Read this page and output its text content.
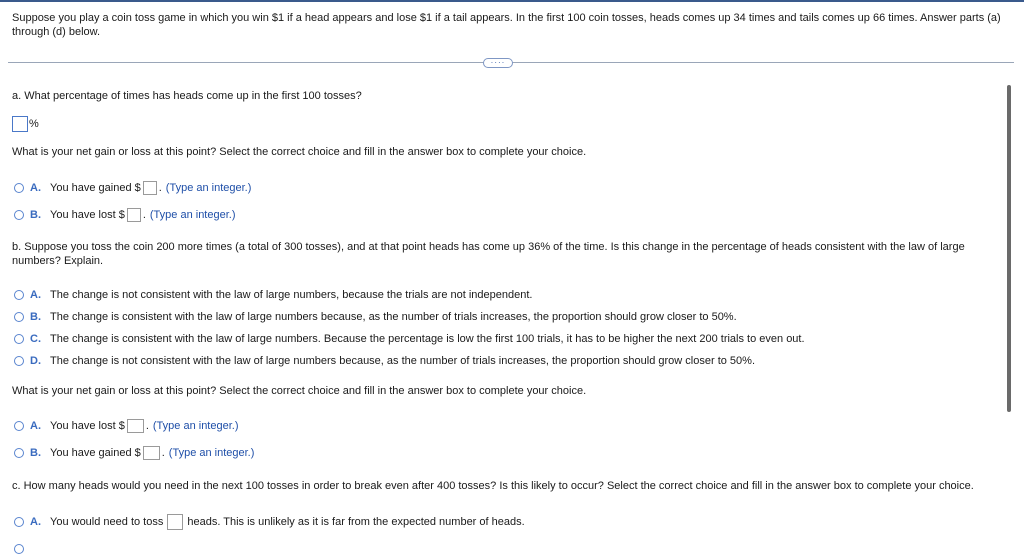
Suppose you play a coin toss game in which you win $1 if a head appears and lose $1 if a tail appears. In the first 100 coin tosses, heads comes up 34 times and tails comes up 66 times. Answer parts (a) through (d) below.
····
a. What percentage of times has heads come up in the first 100 tosses?
%
What is your net gain or loss at this point? Select the correct choice and fill in the answer box to complete your choice.
A. You have gained $ . (Type an integer.)
B. You have lost $ . (Type an integer.)
b. Suppose you toss the coin 200 more times (a total of 300 tosses), and at that point heads has come up 36% of the time. Is this change in the percentage of heads consistent with the law of large numbers? Explain.
A. The change is not consistent with the law of large numbers, because the trials are not independent.
B. The change is consistent with the law of large numbers because, as the number of trials increases, the proportion should grow closer to 50%.
C. The change is consistent with the law of large numbers. Because the percentage is low the first 100 trials, it has to be higher the next 200 trials to even out.
D. The change is not consistent with the law of large numbers because, as the number of trials increases, the proportion should grow closer to 50%.
What is your net gain or loss at this point? Select the correct choice and fill in the answer box to complete your choice.
A. You have lost $ . (Type an integer.)
B. You have gained $ . (Type an integer.)
c. How many heads would you need in the next 100 tosses in order to break even after 400 tosses? Is this likely to occur? Select the correct choice and fill in the answer box to complete your choice.
A. You would need to toss heads. This is unlikely as it is far from the expected number of heads.
